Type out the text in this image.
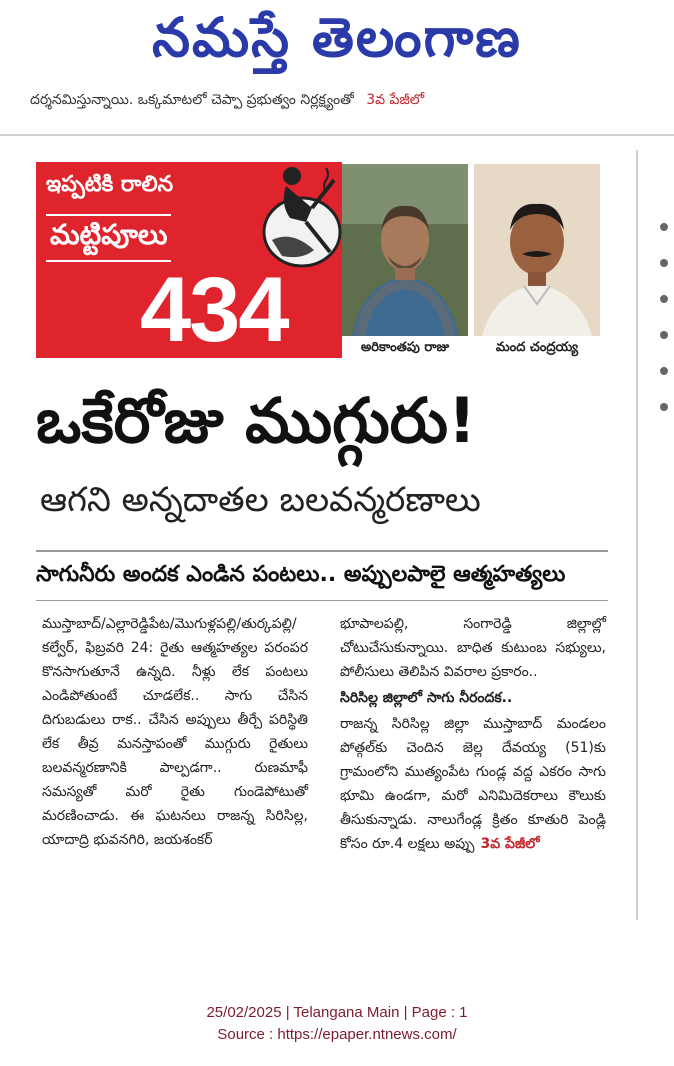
నమస్తే తెలంగాణ
దర్శనమిస్తున్నాయి. ఒక్కమాటలో చెప్పా ప్రభుత్వం నిర్లక్ష్యంతో 3వ పేజీలో
ఇప్పటికి రాలిన
మట్టిపూలు
434	అరికాంతపు రాజు	మంద చంద్రయ్య
ఒకేరోజు ముగ్గురు!
ఆగని అన్నదాతల బలవన్మరణాలు
సాగునీరు అందక ఎండిన పంటలు.. అప్పులపాలై ఆత్మహత్యలు

ముస్తాబాద్/ఎల్లారెడ్డిపేట/మొగుళ్లపల్లి/తుర్కపల్లి/కల్వేర్, ఫిబ్రవరి 24: రైతు ఆత్మహత్యల పరంపర కొనసాగుతూనే ఉన్నది. నీళ్లు లేక పంటలు ఎండిపోతుంటే చూడలేక.. సాగు చేసిన దిగుబడులు రాక.. చేసిన అప్పులు తీర్చే పరిస్థితి లేక తీవ్ర మనస్తాపంతో ముగ్గురు రైతులు బలవన్మరణానికి పాల్పడగా.. రుణమాఫీ సమస్యతో మరో రైతు గుండెపోటుతో మరణించాడు. ఈ ఘటనలు రాజన్న సిరిసిల్ల, యాదాద్రి భువనగిరి, జయశంకర్

భూపాలపల్లి, సంగారెడ్డి జిల్లాల్లో చోటుచేసుకున్నాయి. బాధిత కుటుంబ సభ్యులు, పోలీసులు తెలిపిన వివరాల ప్రకారం..

సిరిసిల్ల జిల్లాలో సాగు నీరందక..

రాజన్న సిరిసిల్ల జిల్లా ముస్తాబాద్ మండలం పోత్గల్‌కు చెందిన జెల్ల దేవయ్య (51)కు గ్రామంలోని ముత్యంపేట గుండ్ల వద్ద ఎకరం సాగు భూమి ఉండగా, మరో ఎనిమిదెకరాలు కౌలుకు తీసుకున్నాడు. నాలుగేండ్ల క్రితం కూతురి పెండ్లి కోసం రూ.4 లక్షలు అప్పు 3వ పేజీలో

25/02/2025 | Telangana Main | Page : 1
Source : https://epaper.ntnews.com/
